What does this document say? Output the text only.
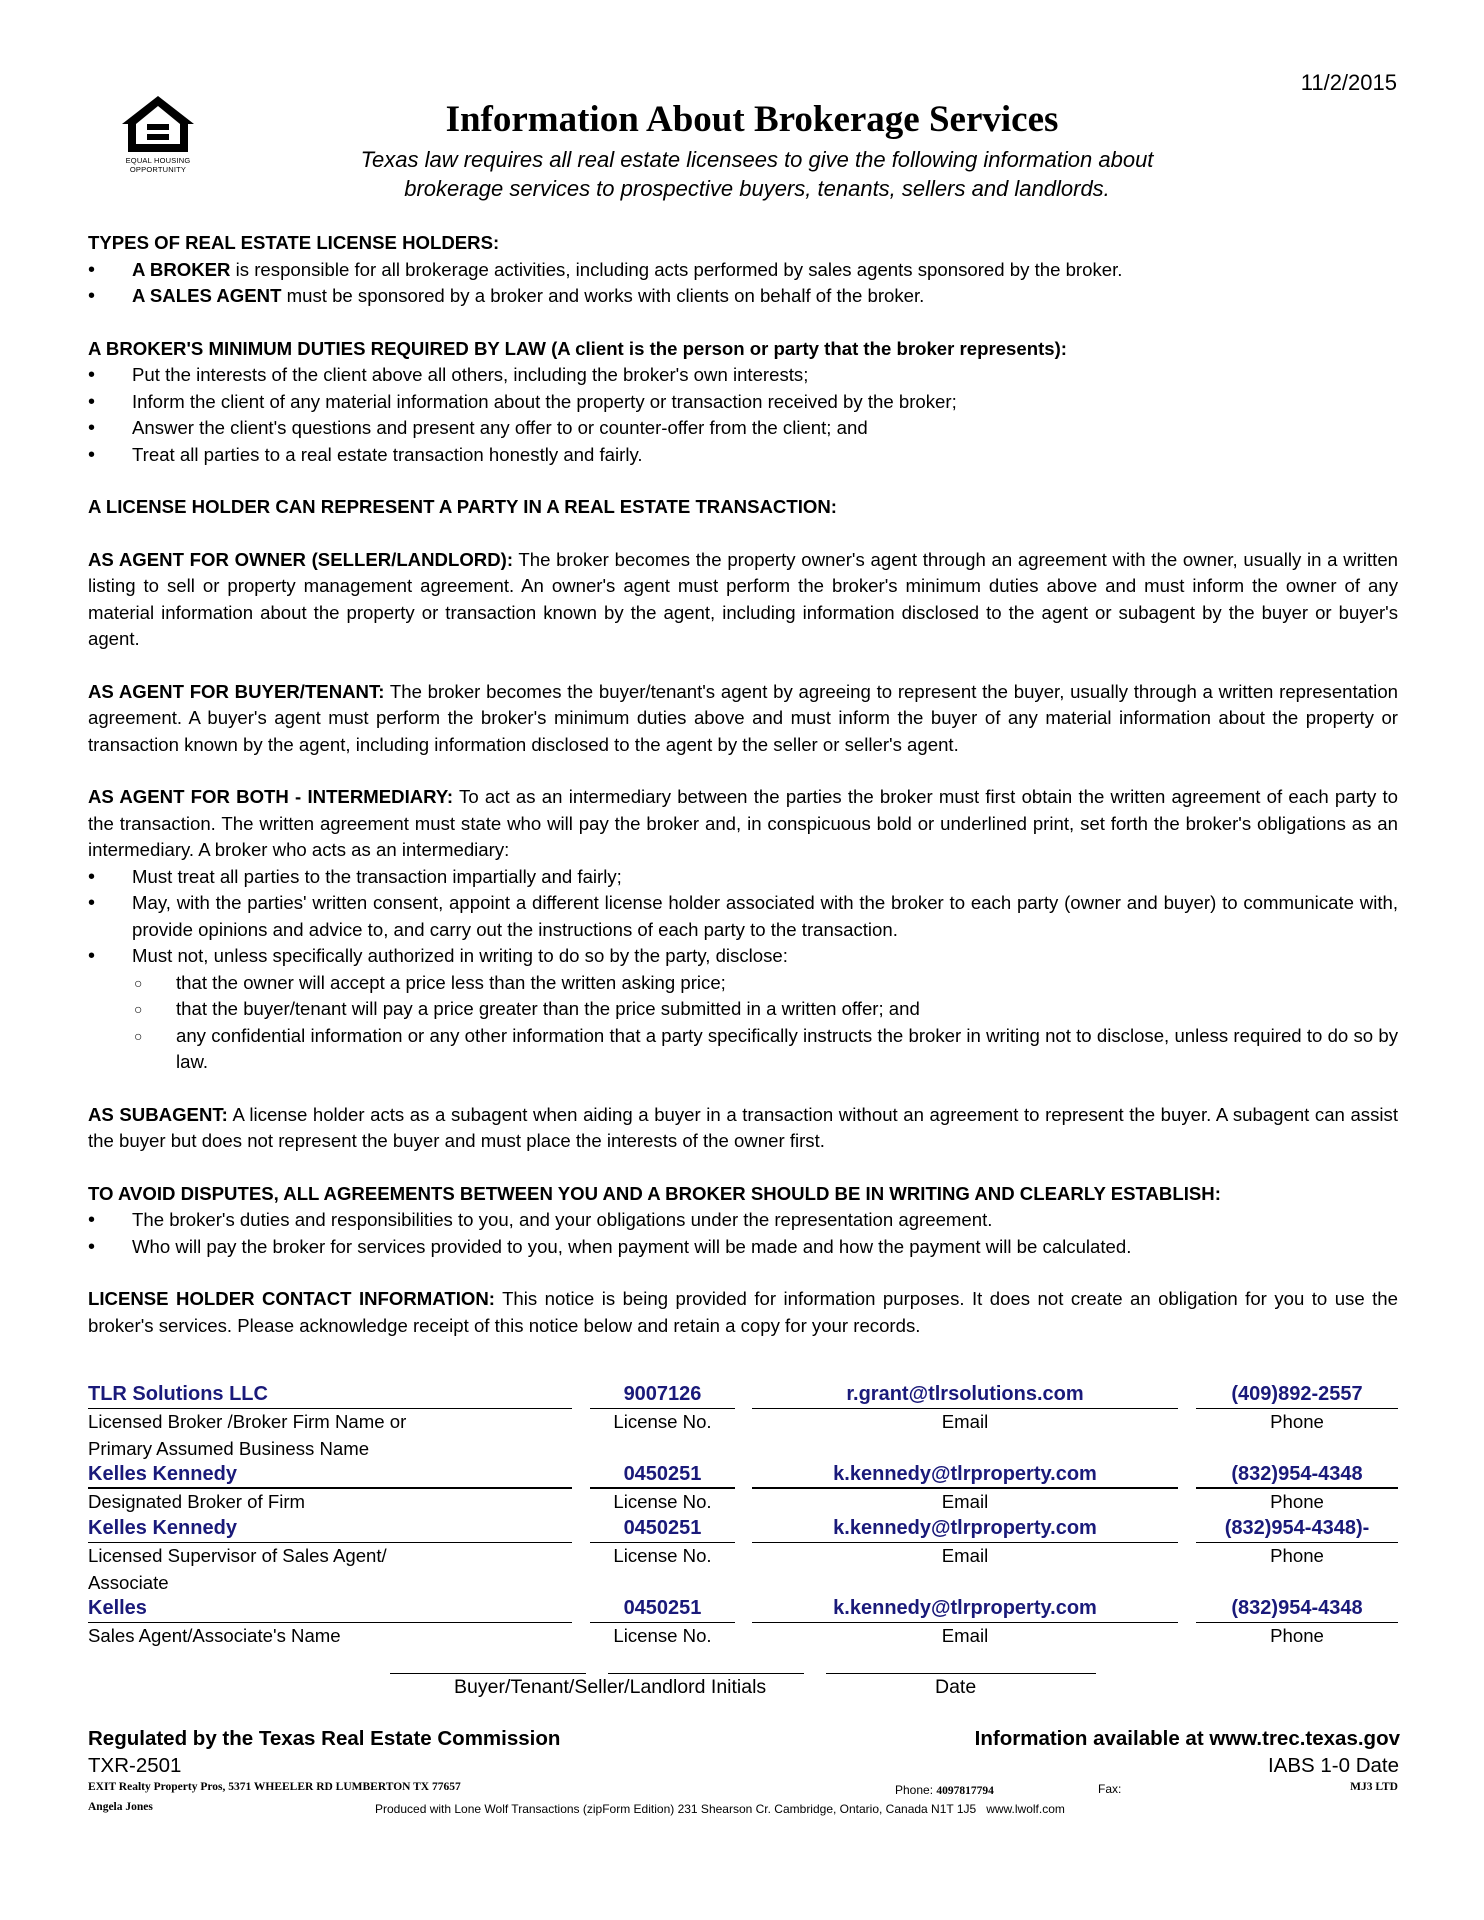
11/2/2015
EQUAL HOUSING
OPPORTUNITY
Information About Brokerage Services
Texas law requires all real estate licensees to give the following information about
brokerage services to prospective buyers, tenants, sellers and landlords.
TYPES OF REAL ESTATE LICENSE HOLDERS:
• A BROKER is responsible for all brokerage activities, including acts performed by sales agents sponsored by the broker.
• A SALES AGENT must be sponsored by a broker and works with clients on behalf of the broker.
A BROKER'S MINIMUM DUTIES REQUIRED BY LAW (A client is the person or party that the broker represents):
• Put the interests of the client above all others, including the broker's own interests;
• Inform the client of any material information about the property or transaction received by the broker;
• Answer the client's questions and present any offer to or counter-offer from the client; and
• Treat all parties to a real estate transaction honestly and fairly.
A LICENSE HOLDER CAN REPRESENT A PARTY IN A REAL ESTATE TRANSACTION:

AS AGENT FOR OWNER (SELLER/LANDLORD): The broker becomes the property owner's agent through an agreement with the owner, usually in a written listing to sell or property management agreement. An owner's agent must perform the broker's minimum duties above and must inform the owner of any material information about the property or transaction known by the agent, including information disclosed to the agent or subagent by the buyer or buyer's agent.

AS AGENT FOR BUYER/TENANT: The broker becomes the buyer/tenant's agent by agreeing to represent the buyer, usually through a written representation agreement. A buyer's agent must perform the broker's minimum duties above and must inform the buyer of any material information about the property or transaction known by the agent, including information disclosed to the agent by the seller or seller's agent.

AS AGENT FOR BOTH - INTERMEDIARY: To act as an intermediary between the parties the broker must first obtain the written agreement of each party to the transaction. The written agreement must state who will pay the broker and, in conspicuous bold or underlined print, set forth the broker's obligations as an intermediary. A broker who acts as an intermediary:

• Must treat all parties to the transaction impartially and fairly;
• May, with the parties' written consent, appoint a different license holder associated with the broker to each party (owner and buyer) to communicate with, provide opinions and advice to, and carry out the instructions of each party to the transaction.
• Must not, unless specifically authorized in writing to do so by the party, disclose:
○ that the owner will accept a price less than the written asking price;
○ that the buyer/tenant will pay a price greater than the price submitted in a written offer; and
○ any confidential information or any other information that a party specifically instructs the broker in writing not to disclose, unless required to do so by law.

AS SUBAGENT: A license holder acts as a subagent when aiding a buyer in a transaction without an agreement to represent the buyer. A subagent can assist the buyer but does not represent the buyer and must place the interests of the owner first.

TO AVOID DISPUTES, ALL AGREEMENTS BETWEEN YOU AND A BROKER SHOULD BE IN WRITING AND CLEARLY ESTABLISH:
• The broker's duties and responsibilities to you, and your obligations under the representation agreement.
• Who will pay the broker for services provided to you, when payment will be made and how the payment will be calculated.

LICENSE HOLDER CONTACT INFORMATION: This notice is being provided for information purposes. It does not create an obligation for you to use the broker's services. Please acknowledge receipt of this notice below and retain a copy for your records.

TLR Solutions LLC	9007126	r.grant@tlrsolutions.com	(409)892-2557
Licensed Broker /Broker Firm Name or
Primary Assumed Business Name
License No.	Email	Phone
Kelles Kennedy	0450251	k.kennedy@tlrproperty.com	(832)954-4348
Designated Broker of Firm	License No.	Email	Phone
Kelles Kennedy	0450251	k.kennedy@tlrproperty.com	(832)954-4348)-
Licensed Supervisor of Sales Agent/
Associate
License No.	Email	Phone
Kelles	0450251	k.kennedy@tlrproperty.com	(832)954-4348
Sales Agent/Associate's Name	License No.	Email	Phone
Buyer/Tenant/Seller/Landlord Initials	Date
Regulated by the Texas Real Estate Commission	Information available at www.trec.texas.gov
TXR-2501	IABS 1-0 Date
EXIT Realty Property Pros, 5371 WHEELER RD LUMBERTON TX 77657	Phone: 4097817794	Fax:	MJ3 LTD
Angela Jones	Produced with Lone Wolf Transactions (zipForm Edition) 231 Shearson Cr. Cambridge, Ontario, Canada N1T 1J5   www.lwolf.com
